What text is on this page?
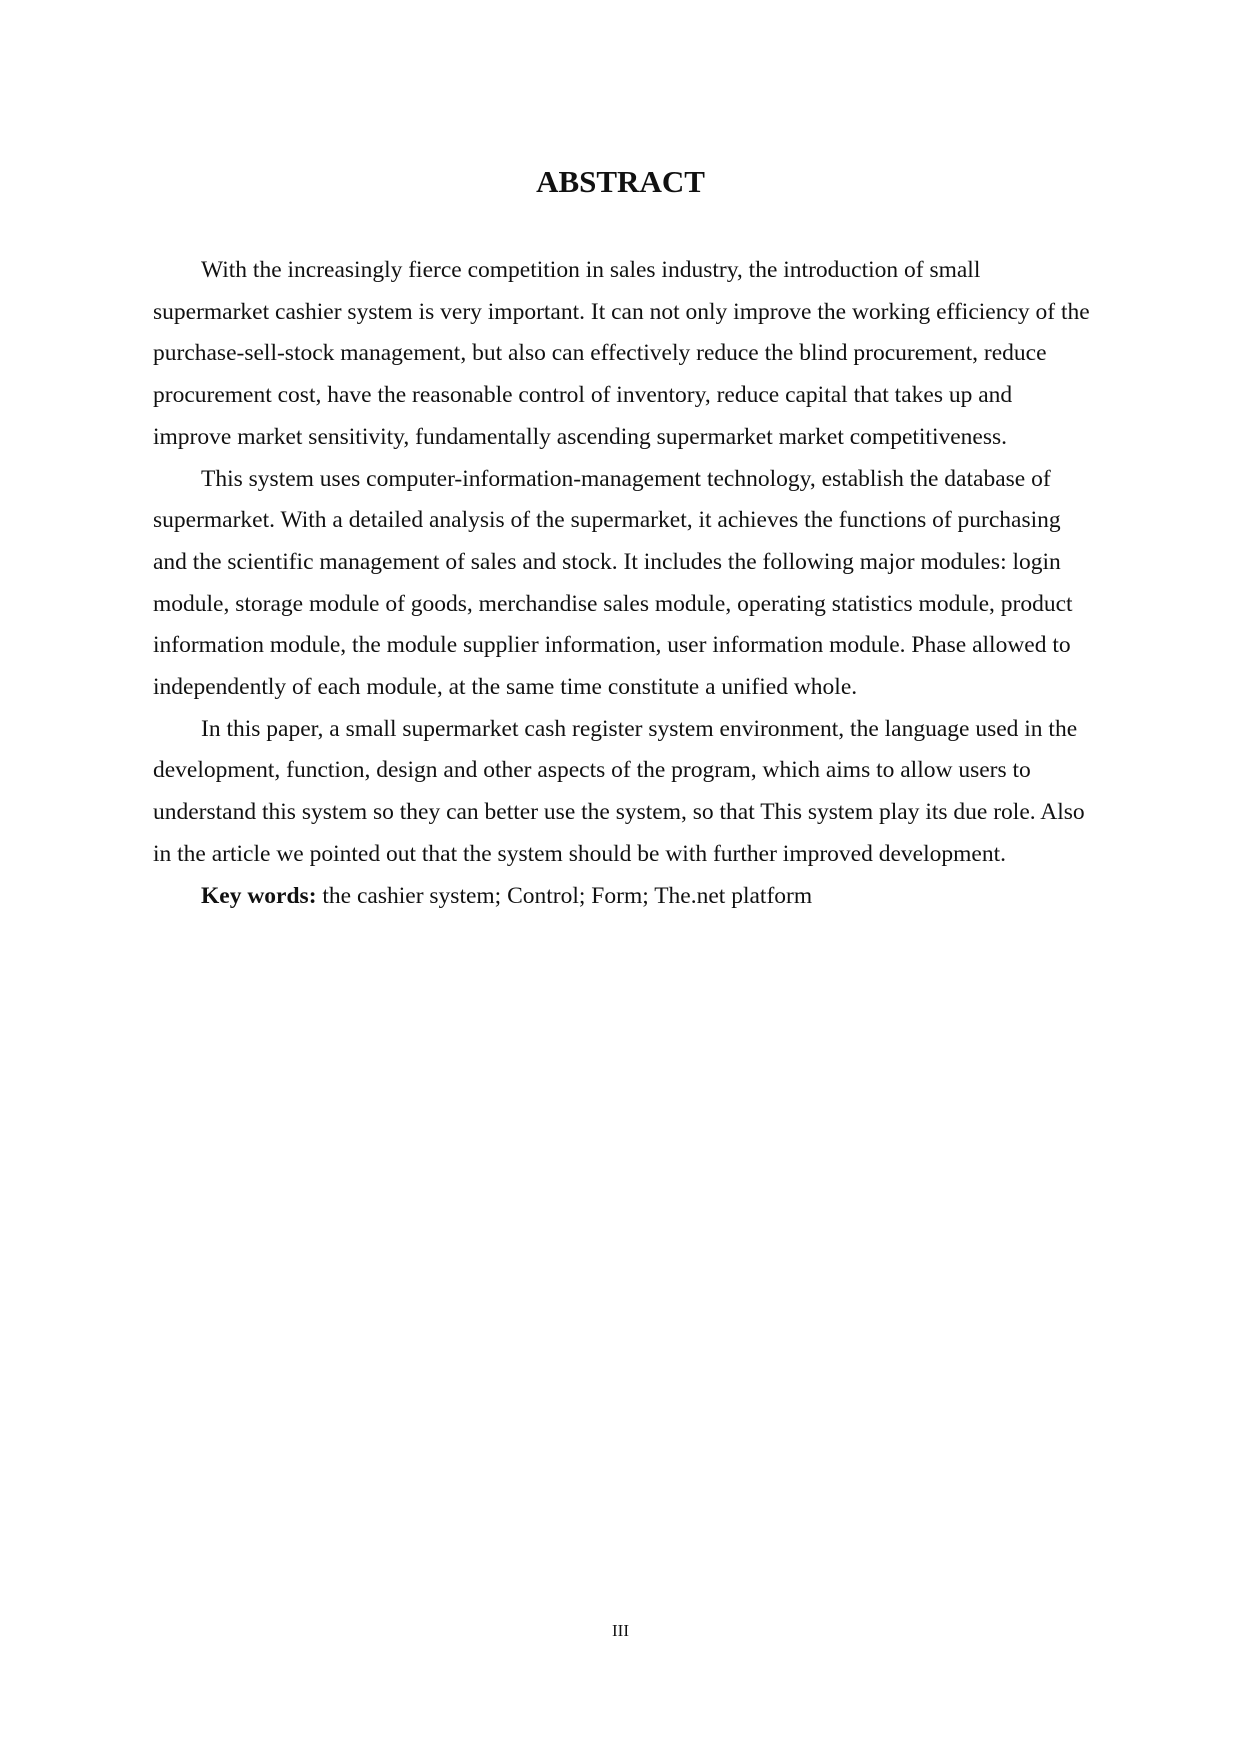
ABSTRACT

With the increasingly fierce competition in sales industry, the introduction of small supermarket cashier system is very important. It can not only improve the working efficiency of the purchase-sell-stock management, but also can effectively reduce the blind procurement, reduce procurement cost, have the reasonable control of inventory, reduce capital that takes up and improve market sensitivity, fundamentally ascending supermarket market competitiveness.

This system uses computer-information-management technology, establish the database of supermarket. With a detailed analysis of the supermarket, it achieves the functions of purchasing and the scientific management of sales and stock. It includes the following major modules: login module, storage module of goods, merchandise sales module, operating statistics module, product information module, the module supplier information, user information module. Phase allowed to independently of each module, at the same time constitute a unified whole.

In this paper, a small supermarket cash register system environment, the language used in the development, function, design and other aspects of the program, which aims to allow users to understand this system so they can better use the system, so that This system play its due role. Also in the article we pointed out that the system should be with further improved development.

Key words: the cashier system; Control; Form; The.net platform

III
